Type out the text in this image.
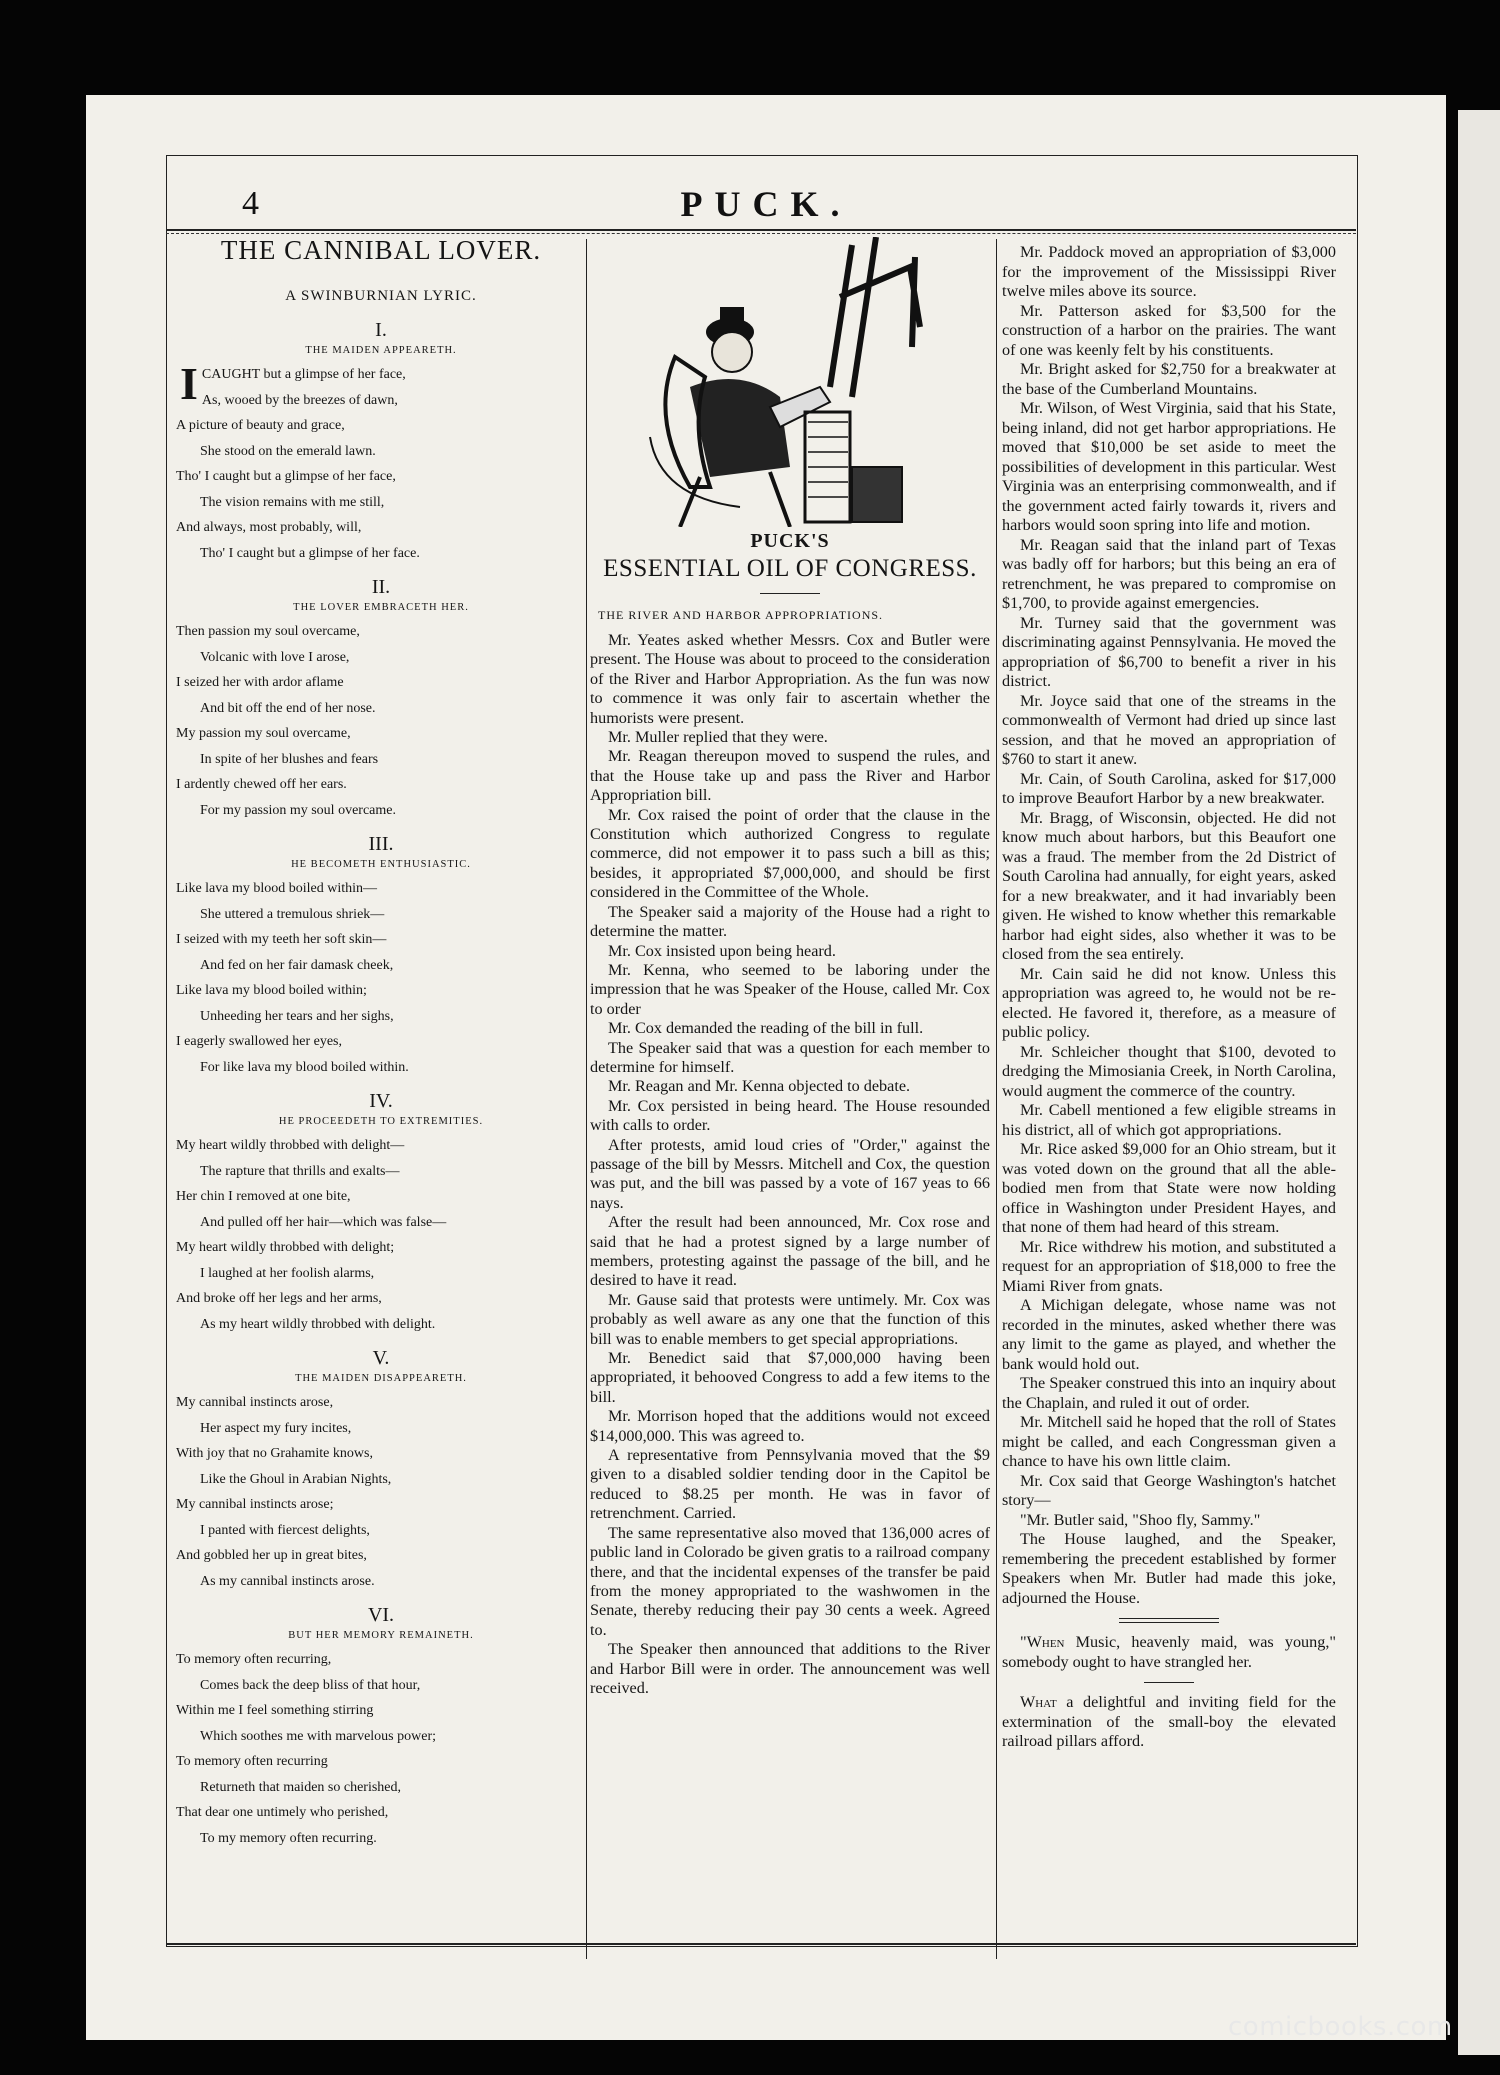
4	PUCK.
THE CANNIBAL LOVER.
A SWINBURNIAN LYRIC.
I.
THE MAIDEN APPEARETH.
I CAUGHT but a glimpse of her face,
As, wooed by the breezes of dawn,
A picture of beauty and grace,
She stood on the emerald lawn.
Tho' I caught but a glimpse of her face,
The vision remains with me still,
And always, most probably, will,
Tho' I caught but a glimpse of her face.
II.
THE LOVER EMBRACETH HER.
Then passion my soul overcame,
Volcanic with love I arose,
I seized her with ardor aflame
And bit off the end of her nose.
My passion my soul overcame,
In spite of her blushes and fears
I ardently chewed off her ears.
For my passion my soul overcame.
III.
HE BECOMETH ENTHUSIASTIC.
Like lava my blood boiled within—
She uttered a tremulous shriek—
I seized with my teeth her soft skin—
And fed on her fair damask cheek,
Like lava my blood boiled within;
Unheeding her tears and her sighs,
I eagerly swallowed her eyes,
For like lava my blood boiled within.
IV.
HE PROCEEDETH TO EXTREMITIES.
My heart wildly throbbed with delight—
The rapture that thrills and exalts—
Her chin I removed at one bite,
And pulled off her hair—which was false—
My heart wildly throbbed with delight;
I laughed at her foolish alarms,
And broke off her legs and her arms,
As my heart wildly throbbed with delight.
V.
THE MAIDEN DISAPPEARETH.
My cannibal instincts arose,
Her aspect my fury incites,
With joy that no Grahamite knows,
Like the Ghoul in Arabian Nights,
My cannibal instincts arose;
I panted with fiercest delights,
And gobbled her up in great bites,
As my cannibal instincts arose.
VI.
BUT HER MEMORY REMAINETH.
To memory often recurring,
Comes back the deep bliss of that hour,
Within me I feel something stirring
Which soothes me with marvelous power;
To memory often recurring
Returneth that maiden so cherished,
That dear one untimely who perished,
To my memory often recurring.
PUCK'S
ESSENTIAL OIL OF CONGRESS.
THE RIVER AND HARBOR APPROPRIATIONS.

Mr. Yeates asked whether Messrs. Cox and Butler were present. The House was about to proceed to the consideration of the River and Harbor Appropriation. As the fun was now to commence it was only fair to ascertain whether the humorists were present.

Mr. Muller replied that they were.

Mr. Reagan thereupon moved to suspend the rules, and that the House take up and pass the River and Harbor Appropriation bill.

Mr. Cox raised the point of order that the clause in the Constitution which authorized Congress to regulate commerce, did not empower it to pass such a bill as this; besides, it appropriated $7,000,000, and should be first considered in the Committee of the Whole.

The Speaker said a majority of the House had a right to determine the matter.

Mr. Cox insisted upon being heard.

Mr. Kenna, who seemed to be laboring under the impression that he was Speaker of the House, called Mr. Cox to order

Mr. Cox demanded the reading of the bill in full.

The Speaker said that was a question for each member to determine for himself.

Mr. Reagan and Mr. Kenna objected to debate.

Mr. Cox persisted in being heard. The House resounded with calls to order.

After protests, amid loud cries of "Order," against the passage of the bill by Messrs. Mitchell and Cox, the question was put, and the bill was passed by a vote of 167 yeas to 66 nays.

After the result had been announced, Mr. Cox rose and said that he had a protest signed by a large number of members, protesting against the passage of the bill, and he desired to have it read.

Mr. Gause said that protests were untimely. Mr. Cox was probably as well aware as any one that the function of this bill was to enable members to get special appropriations.

Mr. Benedict said that $7,000,000 having been appropriated, it behooved Congress to add a few items to the bill.

Mr. Morrison hoped that the additions would not exceed $14,000,000. This was agreed to.

A representative from Pennsylvania moved that the $9 given to a disabled soldier tending door in the Capitol be reduced to $8.25 per month. He was in favor of retrenchment. Carried.

The same representative also moved that 136,000 acres of public land in Colorado be given gratis to a railroad company there, and that the incidental expenses of the transfer be paid from the money appropriated to the washwomen in the Senate, thereby reducing their pay 30 cents a week. Agreed to.

The Speaker then announced that additions to the River and Harbor Bill were in order. The announcement was well received.

Mr. Paddock moved an appropriation of $3,000 for the improvement of the Mississippi River twelve miles above its source.

Mr. Patterson asked for $3,500 for the construction of a harbor on the prairies. The want of one was keenly felt by his constituents.

Mr. Bright asked for $2,750 for a breakwater at the base of the Cumberland Mountains.

Mr. Wilson, of West Virginia, said that his State, being inland, did not get harbor appropriations. He moved that $10,000 be set aside to meet the possibilities of development in this particular. West Virginia was an enterprising commonwealth, and if the government acted fairly towards it, rivers and harbors would soon spring into life and motion.

Mr. Reagan said that the inland part of Texas was badly off for harbors; but this being an era of retrenchment, he was prepared to compromise on $1,700, to provide against emergencies.

Mr. Turney said that the government was discriminating against Pennsylvania. He moved the appropriation of $6,700 to benefit a river in his district.

Mr. Joyce said that one of the streams in the commonwealth of Vermont had dried up since last session, and that he moved an appropriation of $760 to start it anew.

Mr. Cain, of South Carolina, asked for $17,000 to improve Beaufort Harbor by a new breakwater.

Mr. Bragg, of Wisconsin, objected. He did not know much about harbors, but this Beaufort one was a fraud. The member from the 2d District of South Carolina had annually, for eight years, asked for a new breakwater, and it had invariably been given. He wished to know whether this remarkable harbor had eight sides, also whether it was to be closed from the sea entirely.

Mr. Cain said he did not know. Unless this appropriation was agreed to, he would not be re-elected. He favored it, therefore, as a measure of public policy.

Mr. Schleicher thought that $100, devoted to dredging the Mimosiania Creek, in North Carolina, would augment the commerce of the country.

Mr. Cabell mentioned a few eligible streams in his district, all of which got appropriations.

Mr. Rice asked $9,000 for an Ohio stream, but it was voted down on the ground that all the able-bodied men from that State were now holding office in Washington under President Hayes, and that none of them had heard of this stream.

Mr. Rice withdrew his motion, and substituted a request for an appropriation of $18,000 to free the Miami River from gnats.

A Michigan delegate, whose name was not recorded in the minutes, asked whether there was any limit to the game as played, and whether the bank would hold out.

The Speaker construed this into an inquiry about the Chaplain, and ruled it out of order.

Mr. Mitchell said he hoped that the roll of States might be called, and each Congressman given a chance to have his own little claim.

Mr. Cox said that George Washington's hatchet story—

"Mr. Butler said, "Shoo fly, Sammy."

The House laughed, and the Speaker, remembering the precedent established by former Speakers when Mr. Butler had made this joke, adjourned the House.

"When Music, heavenly maid, was young," somebody ought to have strangled her.

What a delightful and inviting field for the extermination of the small-boy the elevated railroad pillars afford.

comicbooks.com
